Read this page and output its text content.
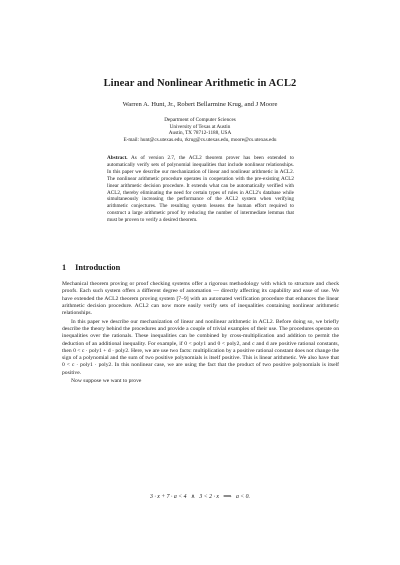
Linear and Nonlinear Arithmetic in ACL2
Warren A. Hunt, Jr., Robert Bellarmine Krug, and J Moore
Department of Computer Sciences
University of Texas at Austin
Austin, TX 78712-1188, USA
E-mail: hunt@cs.utexas.edu, rkrug@cs.utexas.edu, moore@cs.utexas.edu
Abstract. As of version 2.7, the ACL2 theorem prover has been extended to automatically verify sets of polynomial inequalities that include nonlinear relationships. In this paper we describe our mechanization of linear and nonlinear arithmetic in ACL2. The nonlinear arithmetic procedure operates in cooperation with the pre-existing ACL2 linear arithmetic decision procedure. It extends what can be automatically verified with ACL2, thereby eliminating the need for certain types of rules in ACL2's database while simultaneously increasing the performance of the ACL2 system when verifying arithmetic conjectures. The resulting system lessens the human effort required to construct a large arithmetic proof by reducing the number of intermediate lemmas that must be proven to verify a desired theorem.
1 Introduction

Mechanical theorem proving or proof checking systems offer a rigorous methodology with which to structure and check proofs. Each such system offers a different degree of automation — directly affecting its capability and ease of use. We have extended the ACL2 theorem proving system [7–9] with an automated verification procedure that enhances the linear arithmetic decision procedure. ACL2 can now more easily verify sets of inequalities containing nonlinear arithmetic relationships.

In this paper we describe our mechanization of linear and nonlinear arithmetic in ACL2. Before doing so, we briefly describe the theory behind the procedures and provide a couple of trivial examples of their use. The procedures operate on inequalities over the rationals. These inequalities can be combined by cross-multiplication and addition to permit the deduction of an additional inequality. For example, if 0 < poly1 and 0 < poly2, and c and d are positive rational constants, then 0 < c · poly1 + d · poly2. Here, we are use two facts: multiplication by a positive rational constant does not change the sign of a polynomial and the sum of two positive polynomials is itself positive. This is linear arithmetic. We also have that 0 < c · poly1 · poly2. In this nonlinear case, we are using the fact that the product of two positive polynomials is itself positive.

Now suppose we want to prove

3 · x + 7 · a < 4   ∧   3 < 2 · x   ⟹   a < 0.
